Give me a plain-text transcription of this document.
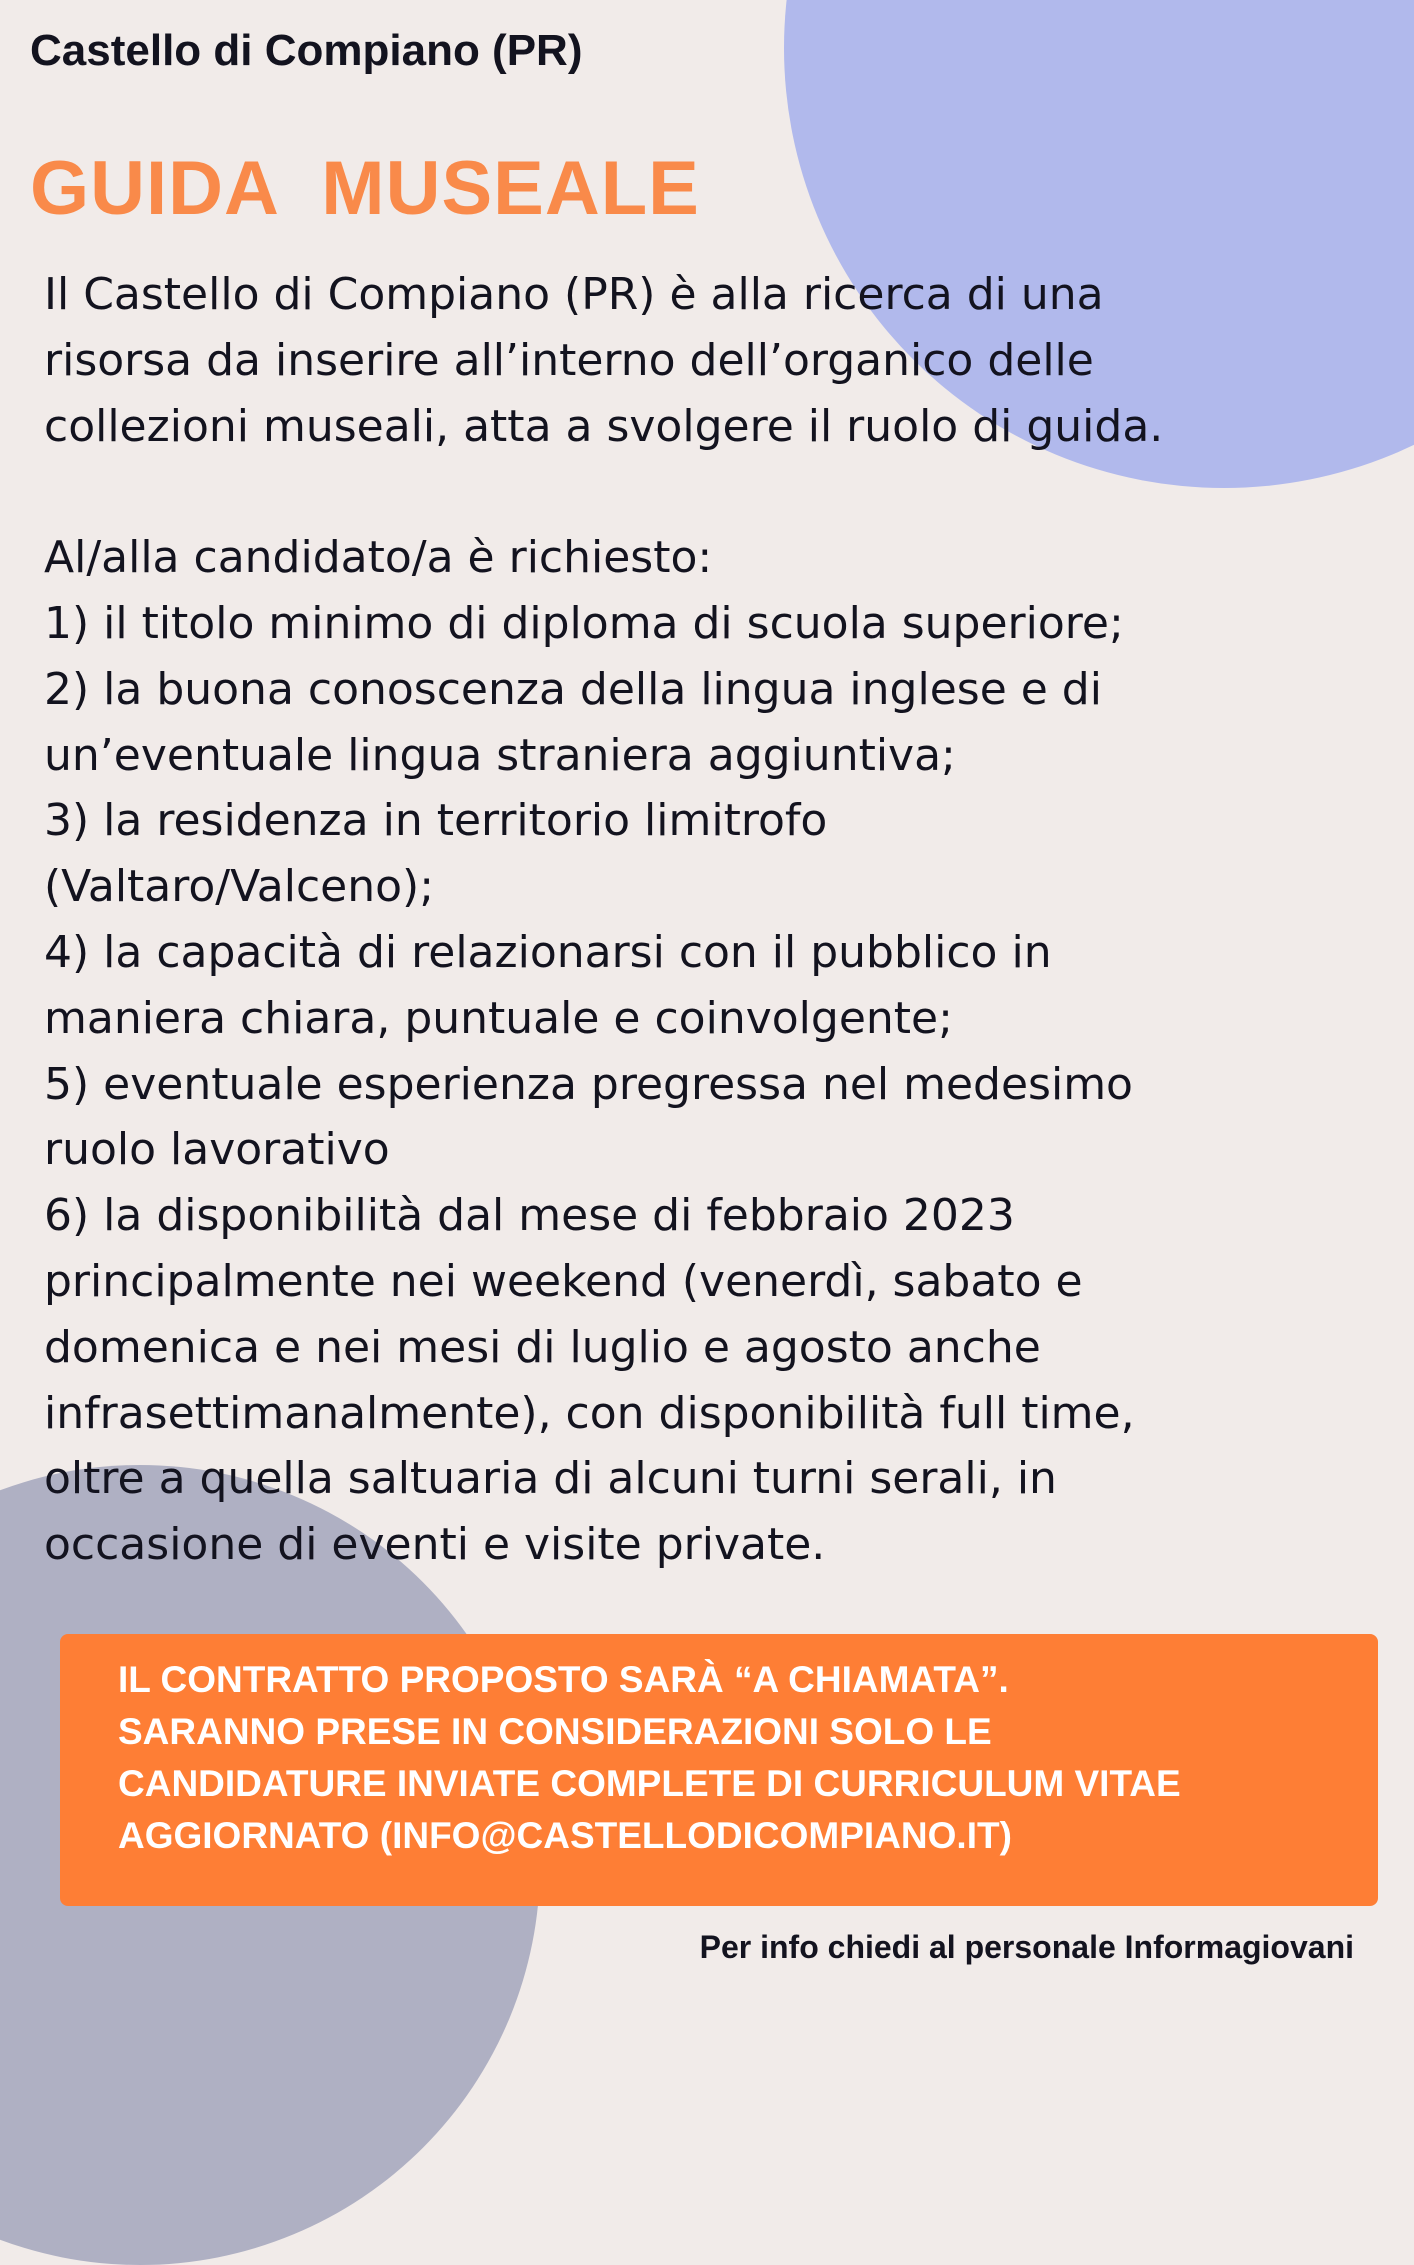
Castello di Compiano (PR)
GUIDA  MUSEALE
Il Castello di Compiano (PR) è alla ricerca di una
risorsa da inserire all’interno dell’organico delle
collezioni museali, atta a svolgere il ruolo di guida.
Al/alla candidato/a è richiesto:
1) il titolo minimo di diploma di scuola superiore;
2) la buona conoscenza della lingua inglese e di
un’eventuale lingua straniera aggiuntiva;
3) la residenza in territorio limitrofo
(Valtaro/Valceno);
4) la capacità di relazionarsi con il pubblico in
maniera chiara, puntuale e coinvolgente;
5) eventuale esperienza pregressa nel medesimo
ruolo lavorativo
6) la disponibilità dal mese di febbraio 2023
principalmente nei weekend (venerdì, sabato e
domenica e nei mesi di luglio e agosto anche
infrasettimanalmente), con disponibilità full time,
oltre a quella saltuaria di alcuni turni serali, in
occasione di eventi e visite private.
IL CONTRATTO PROPOSTO SARÀ “A CHIAMATA”.
SARANNO PRESE IN CONSIDERAZIONI SOLO LE
CANDIDATURE INVIATE COMPLETE DI CURRICULUM VITAE
AGGIORNATO (INFO@CASTELLODICOMPIANO.IT)
Per info chiedi al personale Informagiovani
